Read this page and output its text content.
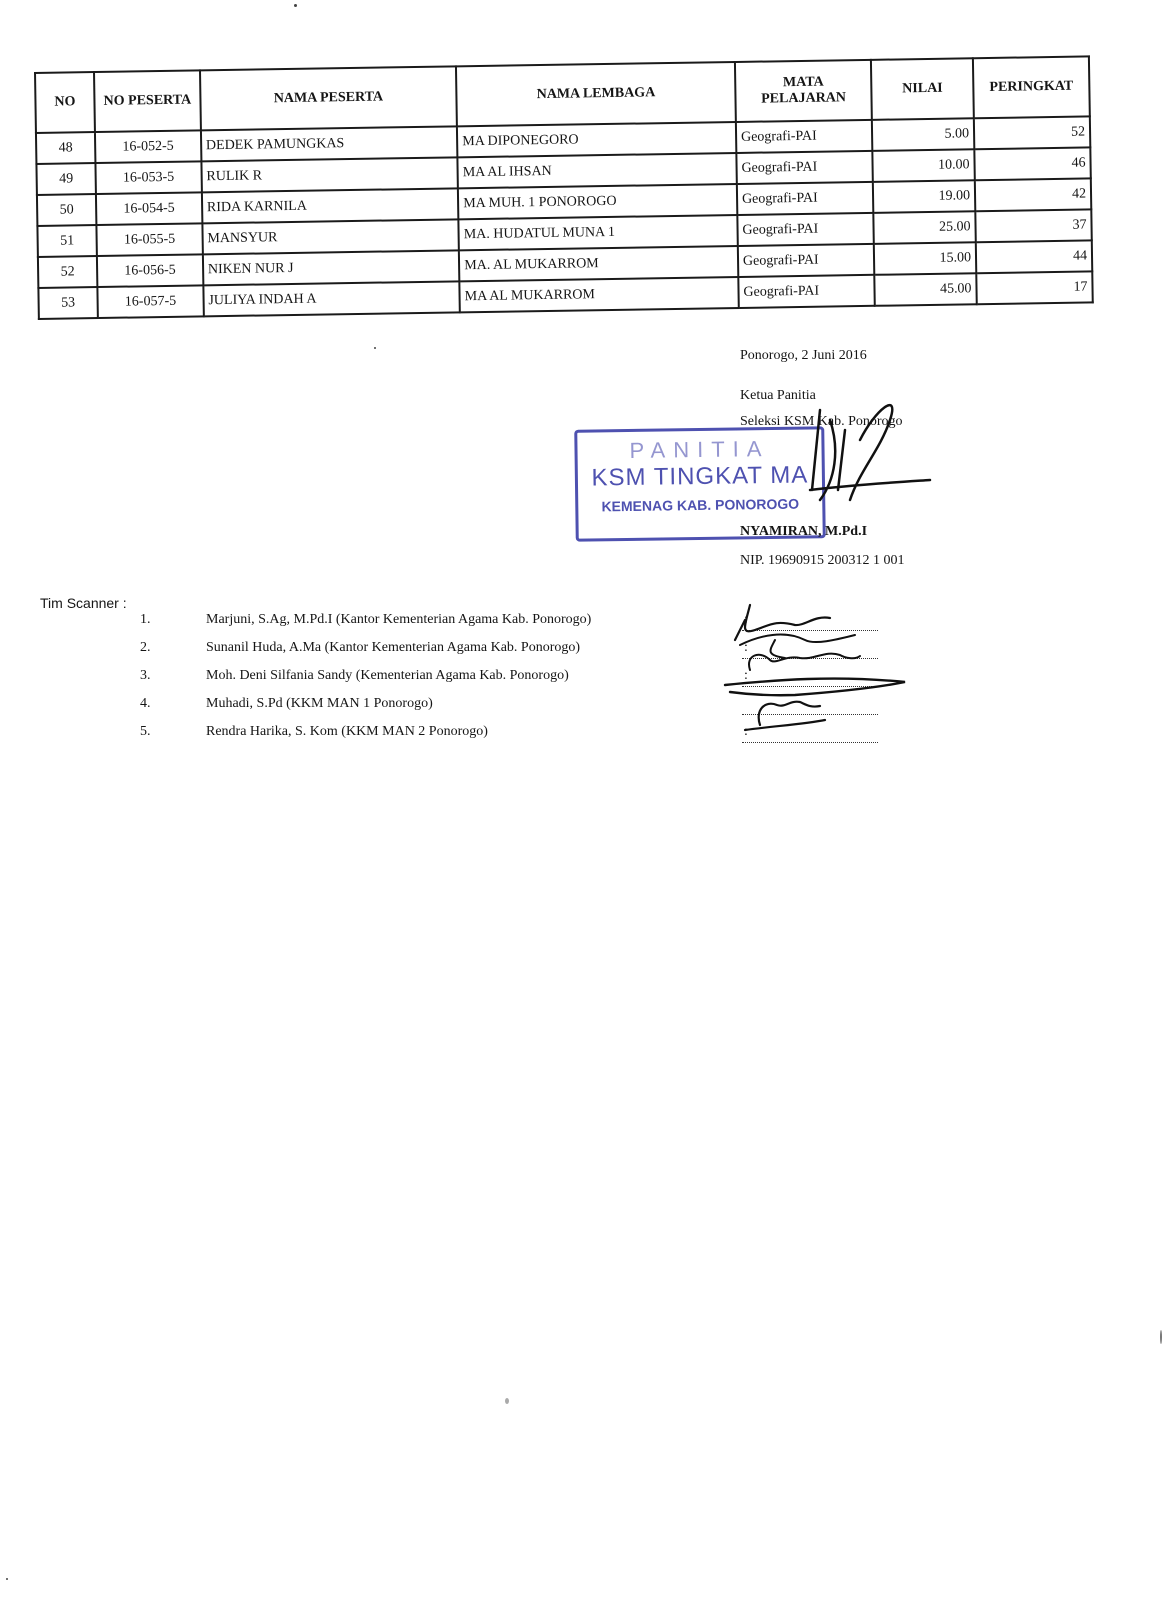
NO	NO PESERTA	NAMA PESERTA	NAMA LEMBAGA	MATA PELAJARAN	NILAI	PERINGKAT
48	16-052-5	DEDEK PAMUNGKAS	MA DIPONEGORO	Geografi-PAI	5.00	52
49	16-053-5	RULIK R	MA AL IHSAN	Geografi-PAI	10.00	46
50	16-054-5	RIDA KARNILA	MA MUH. 1 PONOROGO	Geografi-PAI	19.00	42
51	16-055-5	MANSYUR	MA. HUDATUL MUNA 1	Geografi-PAI	25.00	37
52	16-056-5	NIKEN NUR J	MA. AL MUKARROM	Geografi-PAI	15.00	44
53	16-057-5	JULIYA INDAH A	MA AL MUKARROM	Geografi-PAI	45.00	17
Ponorogo, 2 Juni 2016
Ketua Panitia
Seleksi KSM Kab. Ponorogo
PANITIA
KSM TINGKAT MA
KEMENAG KAB. PONOROGO
NYAMIRAN, M.Pd.I
NIP. 19690915 200312 1 001
Tim Scanner :
1.	Marjuni, S.Ag, M.Pd.I (Kantor Kementerian Agama Kab. Ponorogo)	:
2.	Sunanil Huda, A.Ma (Kantor Kementerian Agama Kab. Ponorogo)	:
3.	Moh. Deni Silfania Sandy (Kementerian Agama Kab. Ponorogo)	:
4.	Muhadi, S.Pd (KKM MAN 1 Ponorogo)
5.	Rendra Harika, S. Kom (KKM MAN 2 Ponorogo)	:
